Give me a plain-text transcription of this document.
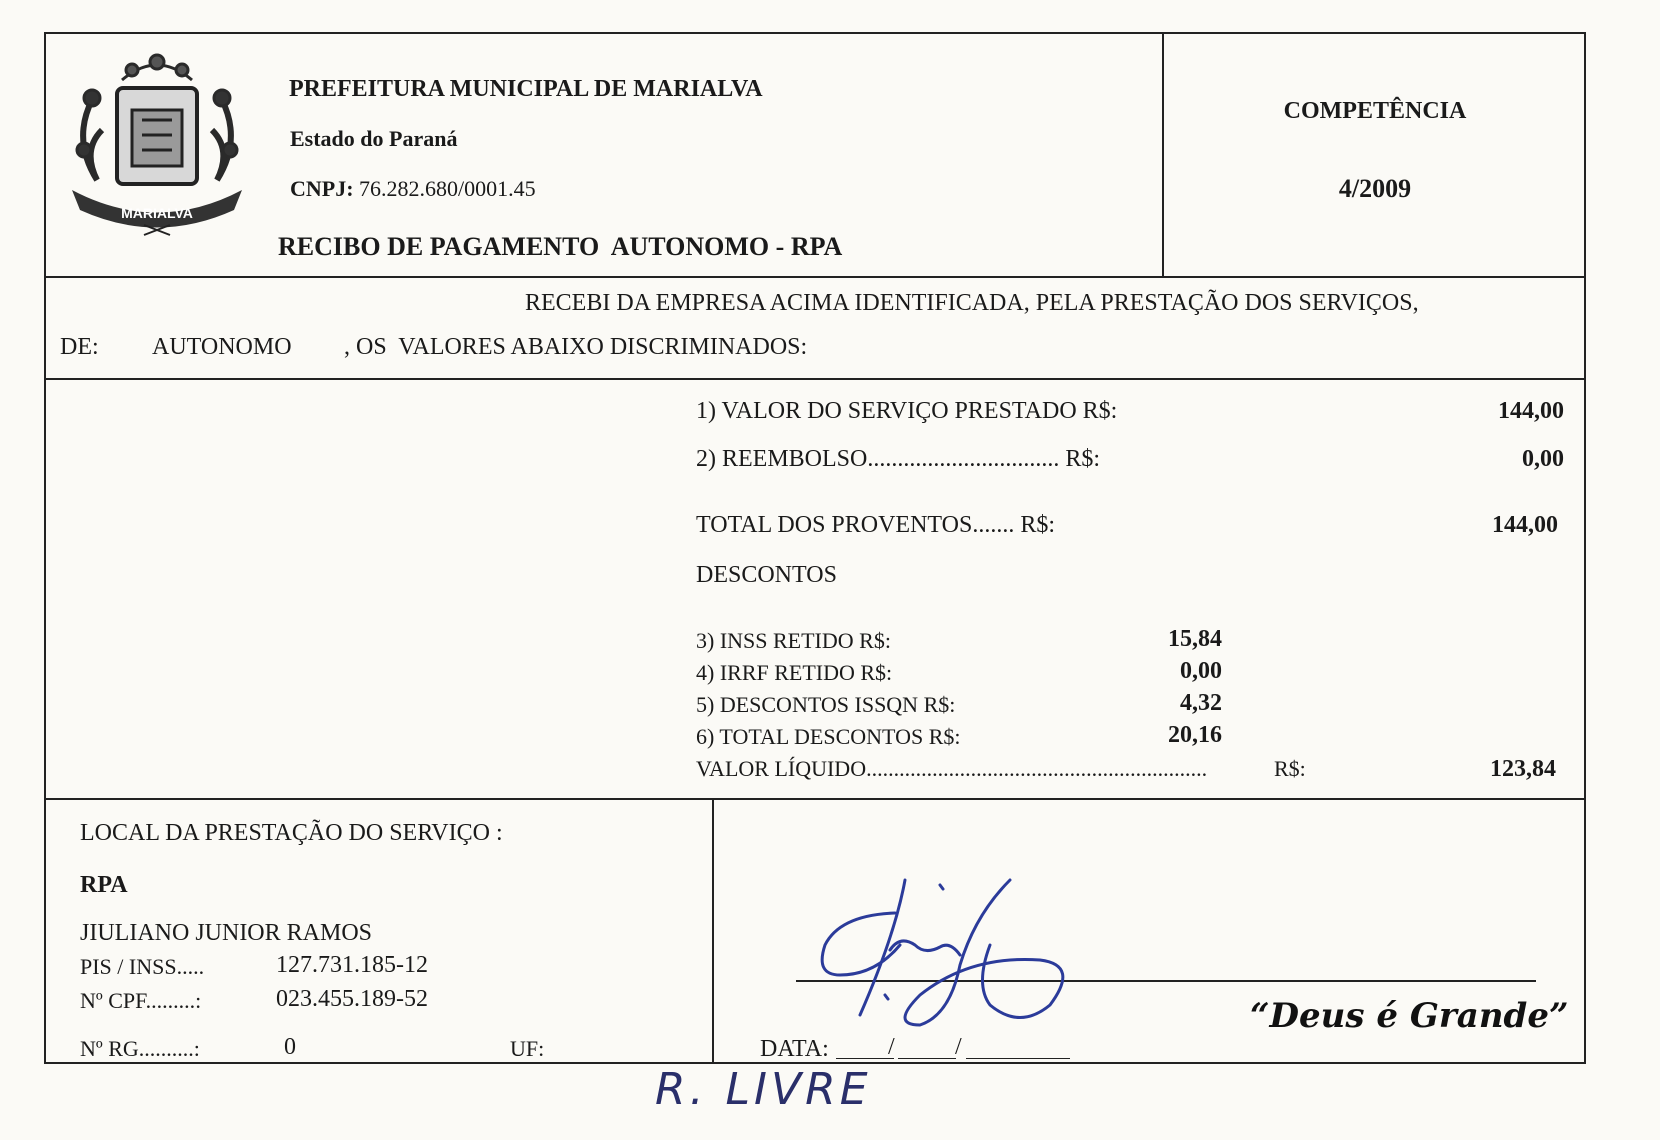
MARIALVA
PREFEITURA MUNICIPAL DE MARIALVA
Estado do Paraná
CNPJ: 76.282.680/0001.45
RECIBO DE PAGAMENTO  AUTONOMO - RPA
COMPETÊNCIA
4/2009
RECEBI DA EMPRESA ACIMA IDENTIFICADA, PELA PRESTAÇÃO DOS SERVIÇOS,
DE: AUTONOMO , OS  VALORES ABAIXO DISCRIMINADOS:
1) VALOR DO SERVIÇO PRESTADO R$:	144,00
2) REEMBOLSO................................ R$:	0,00
TOTAL DOS PROVENTOS....... R$:	144,00
DESCONTOS
3) INSS RETIDO R$:	15,84
4) IRRF RETIDO R$:	0,00
5) DESCONTOS ISSQN R$:	4,32
6) TOTAL DESCONTOS R$:	20,16
VALOR LÍQUIDO..............................................................	R$:	123,84
LOCAL DA PRESTAÇÃO DO SERVIÇO :
RPA
JIULIANO JUNIOR RAMOS
PIS / INSS.....	127.731.185-12
Nº CPF.........:	023.455.189-52
Nº RG..........:	0	UF:	DATA: /	/
“Deus é Grande”
R. LIVRE
